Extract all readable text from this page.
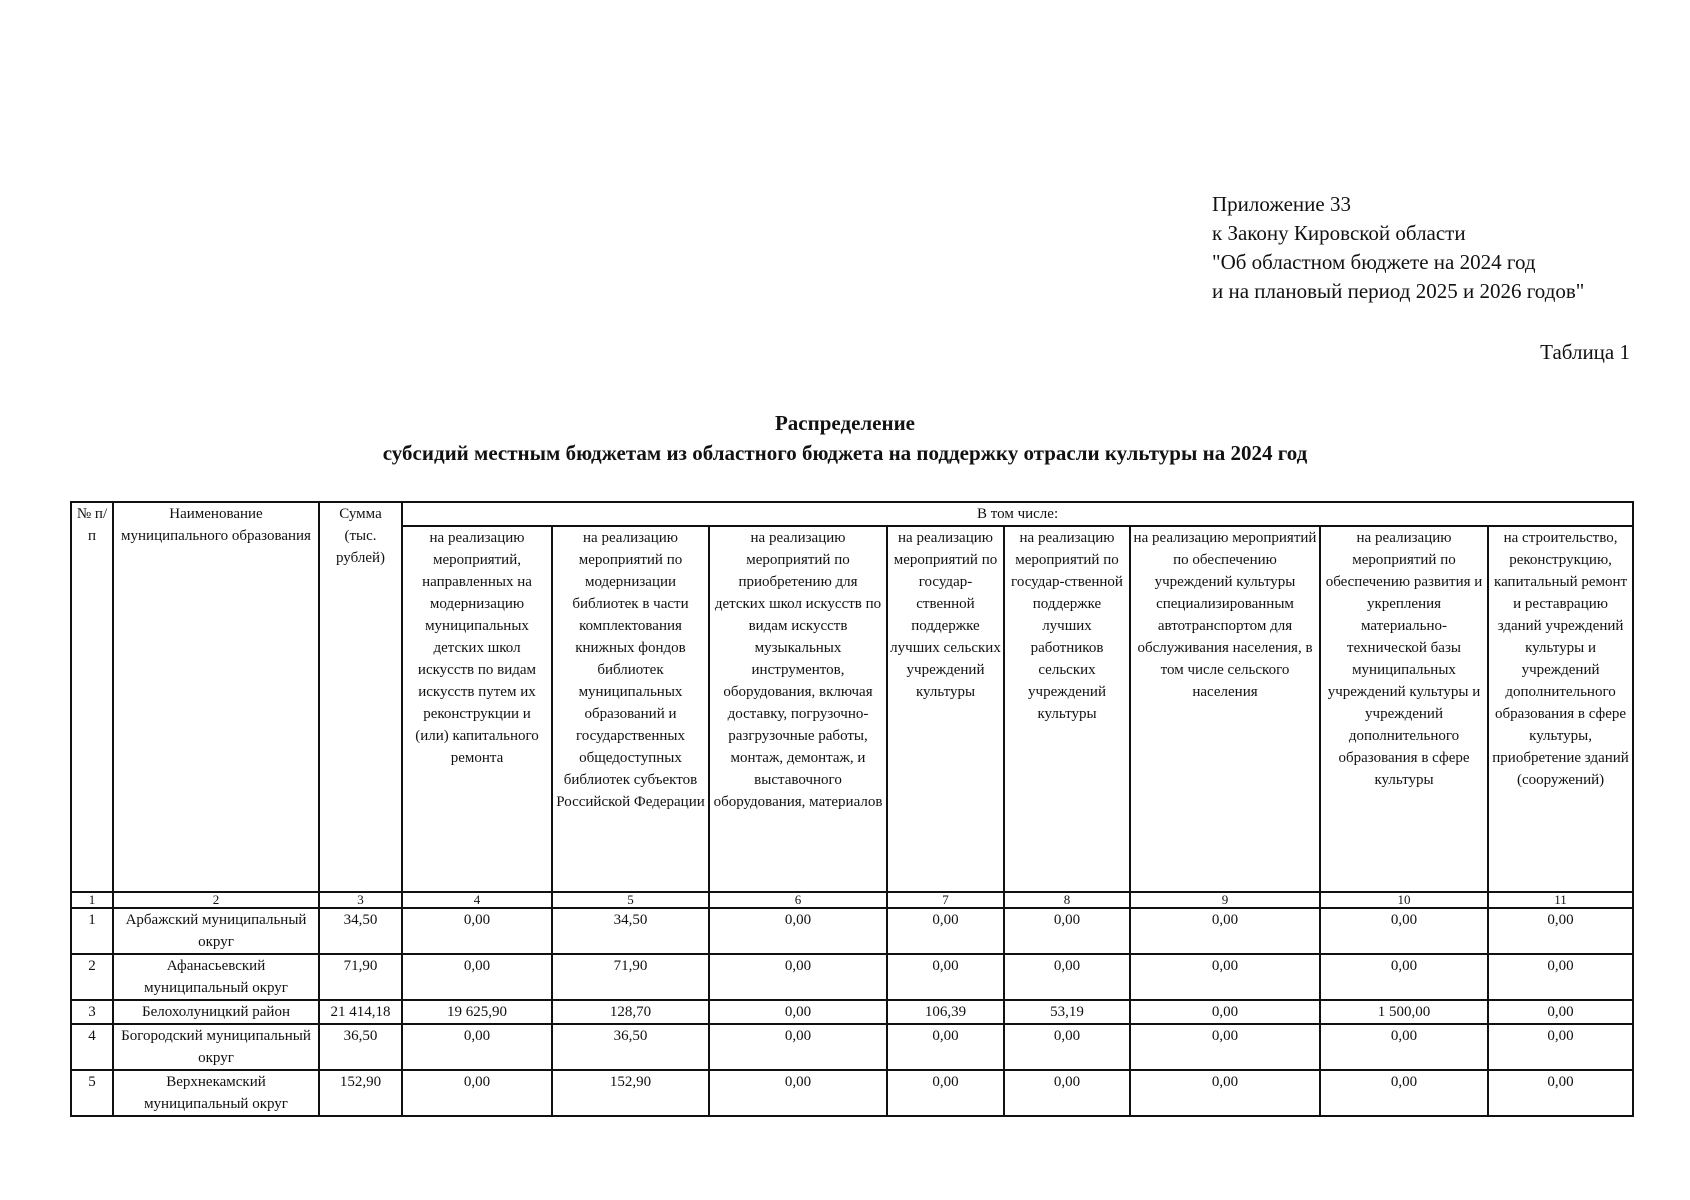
Приложение 33
к Закону Кировской области
"Об областном бюджете на 2024 год
и на плановый период 2025 и 2026 годов"
Таблица 1
Распределение
субсидий местным бюджетам из областного бюджета на поддержку отрасли культуры на 2024 год
№ п/п	Наименование муниципального образования	Сумма (тыс. рублей)	В том числе:							
			на реализацию мероприятий, направленных на модернизацию муниципальных детских школ искусств по видам искусств путем их реконструкции и (или) капитального ремонта	на реализацию мероприятий по модернизации библиотек в части комплектования книжных фондов библиотек муниципальных образований и государственных общедоступных библиотек субъектов Российской Федерации	на реализацию мероприятий по приобретению для детских школ искусств по видам искусств музыкальных инструментов, оборудования, включая доставку, погрузочно-разгрузочные работы, монтаж, демонтаж, и выставочного оборудования, материалов	на реализацию мероприятий по государ-ственной поддержке лучших сельских учреждений культуры	на реализацию мероприятий по государ-ственной поддержке лучших работников сельских учреждений культуры	на реализацию мероприятий по обеспечению учреждений культуры специализированным автотранспортом для обслуживания населения, в том числе сельского населения	на реализацию мероприятий по обеспечению развития и укрепления материально-технической базы муниципальных учреждений культуры и учреждений дополнительного образования в сфере культуры	на строительство, реконструкцию, капитальный ремонт и реставрацию зданий учреждений культуры и учреждений дополнительного образования в сфере культуры, приобретение зданий (сооружений)
1	2	3	4	5	6	7	8	9	10	11
1	Арбажский муниципальный округ	34,50	0,00	34,50	0,00	0,00	0,00	0,00	0,00	0,00
2	Афанасьевский муниципальный округ	71,90	0,00	71,90	0,00	0,00	0,00	0,00	0,00	0,00
3	Белохолуницкий район	21 414,18	19 625,90	128,70	0,00	106,39	53,19	0,00	1 500,00	0,00
4	Богородский муниципальный округ	36,50	0,00	36,50	0,00	0,00	0,00	0,00	0,00	0,00
5	Верхнекамский муниципальный округ	152,90	0,00	152,90	0,00	0,00	0,00	0,00	0,00	0,00
